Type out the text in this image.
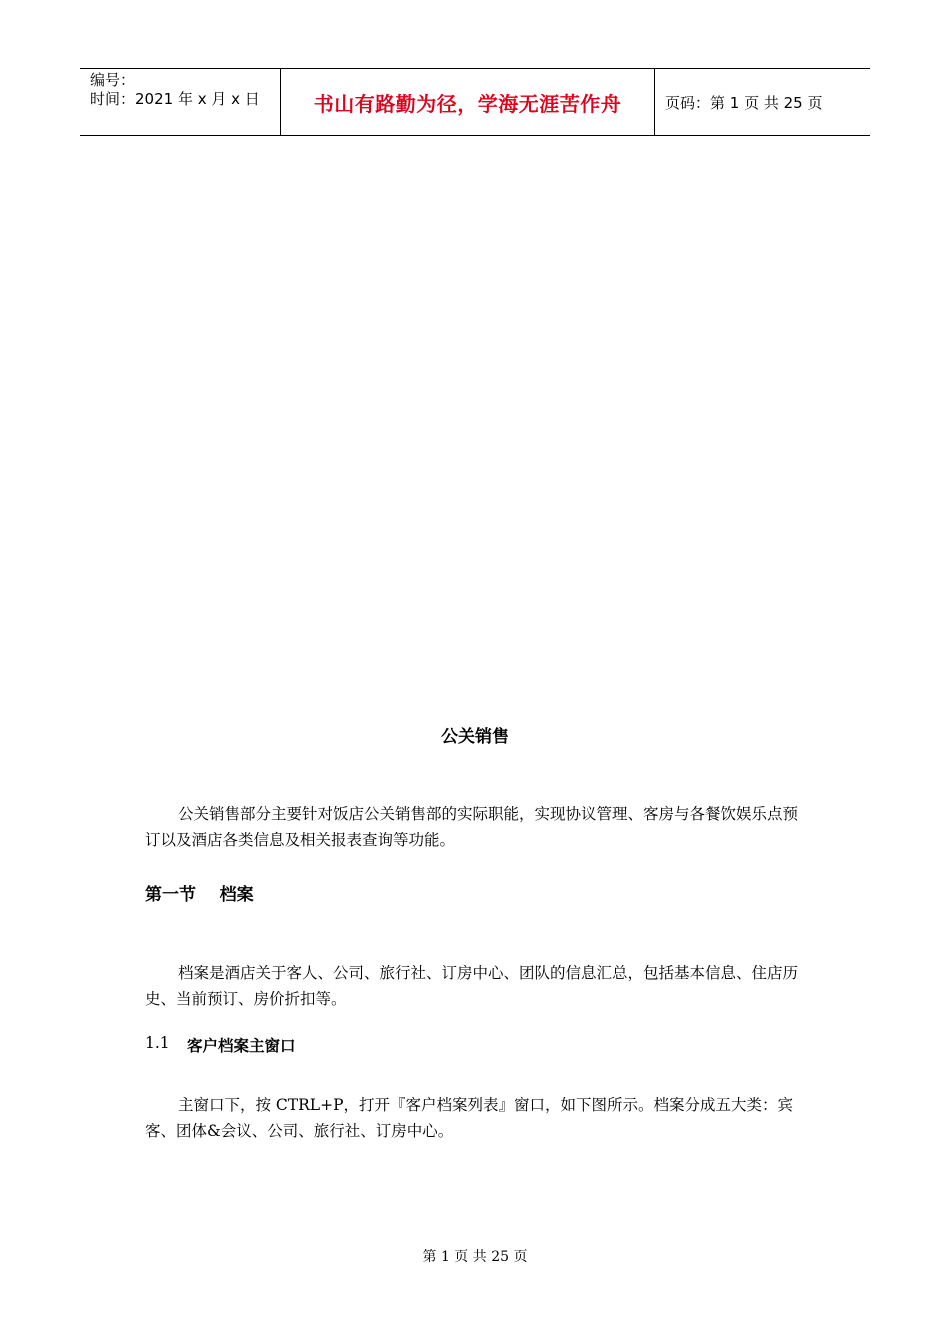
编号：
时间：2021 年 x 月 x 日	书山有路勤为径，学海无涯苦作舟	页码：第 1 页 共 25 页
公关销售
公关销售部分主要针对饭店公关销售部的实际职能，实现协议管理、客房与各餐饮娱乐点预订以及酒店各类信息及相关报表查询等功能。
第一节    档案
档案是酒店关于客人、公司、旅行社、订房中心、团队的信息汇总，包括基本信息、住店历史、当前预订、房价折扣等。
1.1	客户档案主窗口
主窗口下，按 CTRL+P，打开『客户档案列表』窗口，如下图所示。档案分成五大类：宾客、团体&会议、公司、旅行社、订房中心。
第 1 页 共 25 页
